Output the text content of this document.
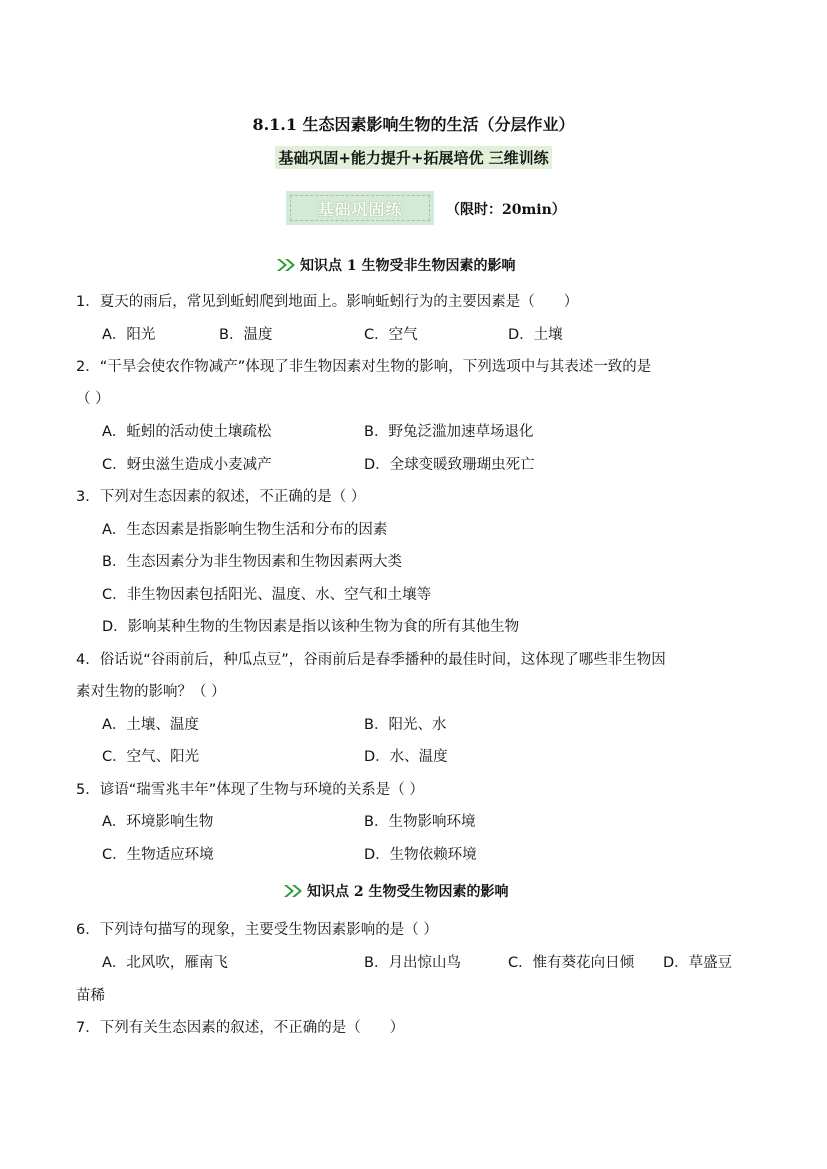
8.1.1 生态因素影响生物的生活（分层作业）
基础巩固+能力提升+拓展培优 三维训练
基础巩固练	（限时：20min）
知识点 1 生物受非生物因素的影响
1．夏天的雨后，常见到蚯蚓爬到地面上。影响蚯蚓行为的主要因素是（　　）
A．阳光	B．温度	C．空气	D．土壤
2．“干旱会使农作物减产”体现了非生物因素对生物的影响，下列选项中与其表述一致的是
（ ）
A．蚯蚓的活动使土壤疏松	B．野兔泛滥加速草场退化
C．蚜虫滋生造成小麦减产	D．全球变暖致珊瑚虫死亡
3．下列对生态因素的叙述，不正确的是（ ）
A．生态因素是指影响生物生活和分布的因素
B．生态因素分为非生物因素和生物因素两大类
C．非生物因素包括阳光、温度、水、空气和土壤等
D．影响某种生物的生物因素是指以该种生物为食的所有其他生物
4．俗话说“谷雨前后，种瓜点豆”，谷雨前后是春季播种的最佳时间，这体现了哪些非生物因
素对生物的影响？（ ）
A．土壤、温度	B．阳光、水
C．空气、阳光	D．水、温度
5．谚语“瑞雪兆丰年”体现了生物与环境的关系是（ ）
A．环境影响生物	B．生物影响环境
C．生物适应环境	D．生物依赖环境
知识点 2 生物受生物因素的影响
6．下列诗句描写的现象，主要受生物因素影响的是（ ）
A．北风吹，雁南飞	B．月出惊山鸟	C．惟有葵花向日倾 D．草盛豆
苗稀
7．下列有关生态因素的叙述，不正确的是（　　）
